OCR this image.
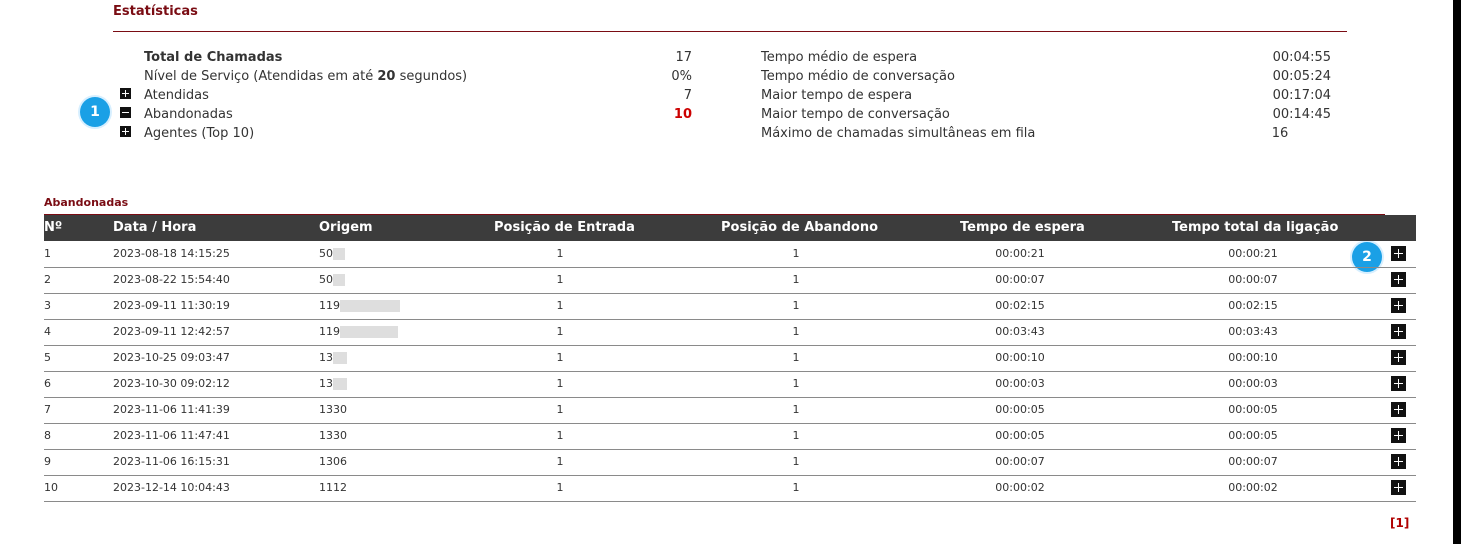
Estatísticas
Total de Chamadas	17
Nível de Serviço (Atendidas em até 20 segundos)	0%
Atendidas	7
Abandonadas	10
Agentes (Top 10)
Tempo médio de espera	00:04:55
Tempo médio de conversação	00:05:24
Maior tempo de espera	00:17:04
Maior tempo de conversação	00:14:45
Máximo de chamadas simultâneas em fila	16
1
2
Abandonadas
Nº	Data / Hora	Origem	Posição de Entrada	Posição de Abandono	Tempo de espera	Tempo total da ligação
1	2023-08-18 14:15:25	50	1	1	00:00:21	00:00:21
2	2023-08-22 15:54:40	50	1	1	00:00:07	00:00:07
3	2023-09-11 11:30:19	119	1	1	00:02:15	00:02:15
4	2023-09-11 12:42:57	119	1	1	00:03:43	00:03:43
5	2023-10-25 09:03:47	13	1	1	00:00:10	00:00:10
6	2023-10-30 09:02:12	13	1	1	00:00:03	00:00:03
7	2023-11-06 11:41:39	1330	1	1	00:00:05	00:00:05
8	2023-11-06 11:47:41	1330	1	1	00:00:05	00:00:05
9	2023-11-06 16:15:31	1306	1	1	00:00:07	00:00:07
10	2023-12-14 10:04:43	1112	1	1	00:00:02	00:00:02
[1]
